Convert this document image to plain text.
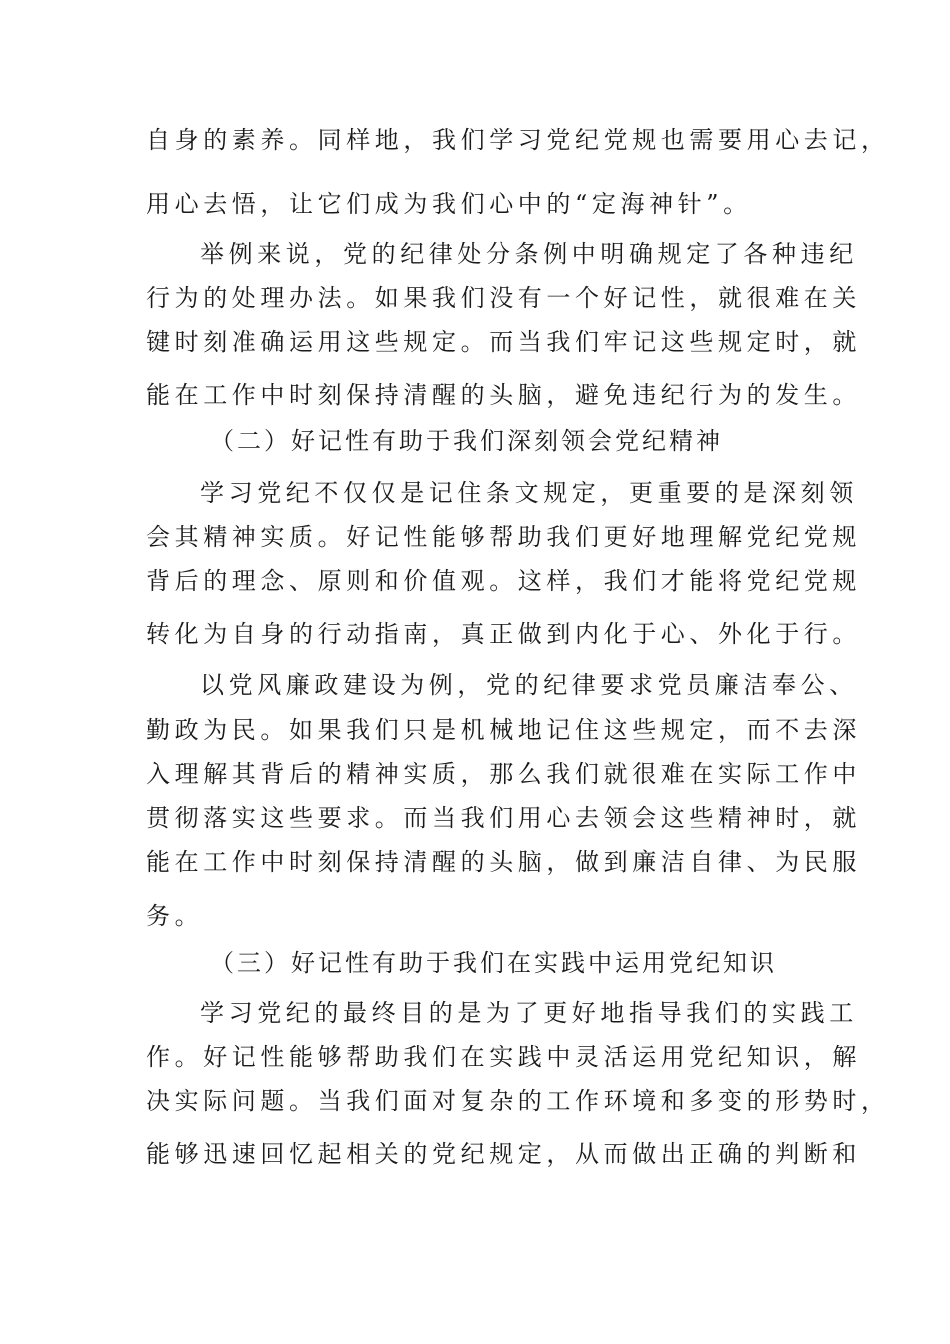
自身的素养。同样地，我们学习党纪党规也需要用心去记，
用心去悟，让它们成为我们心中的“定海神针”。
举例来说，党的纪律处分条例中明确规定了各种违纪
行为的处理办法。如果我们没有一个好记性，就很难在关
键时刻准确运用这些规定。而当我们牢记这些规定时，就
能在工作中时刻保持清醒的头脑，避免违纪行为的发生。
（二）好记性有助于我们深刻领会党纪精神
学习党纪不仅仅是记住条文规定，更重要的是深刻领
会其精神实质。好记性能够帮助我们更好地理解党纪党规
背后的理念、原则和价值观。这样，我们才能将党纪党规
转化为自身的行动指南，真正做到内化于心、外化于行。
以党风廉政建设为例，党的纪律要求党员廉洁奉公、
勤政为民。如果我们只是机械地记住这些规定，而不去深
入理解其背后的精神实质，那么我们就很难在实际工作中
贯彻落实这些要求。而当我们用心去领会这些精神时，就
能在工作中时刻保持清醒的头脑，做到廉洁自律、为民服
务。
（三）好记性有助于我们在实践中运用党纪知识
学习党纪的最终目的是为了更好地指导我们的实践工
作。好记性能够帮助我们在实践中灵活运用党纪知识，解
决实际问题。当我们面对复杂的工作环境和多变的形势时，
能够迅速回忆起相关的党纪规定，从而做出正确的判断和
